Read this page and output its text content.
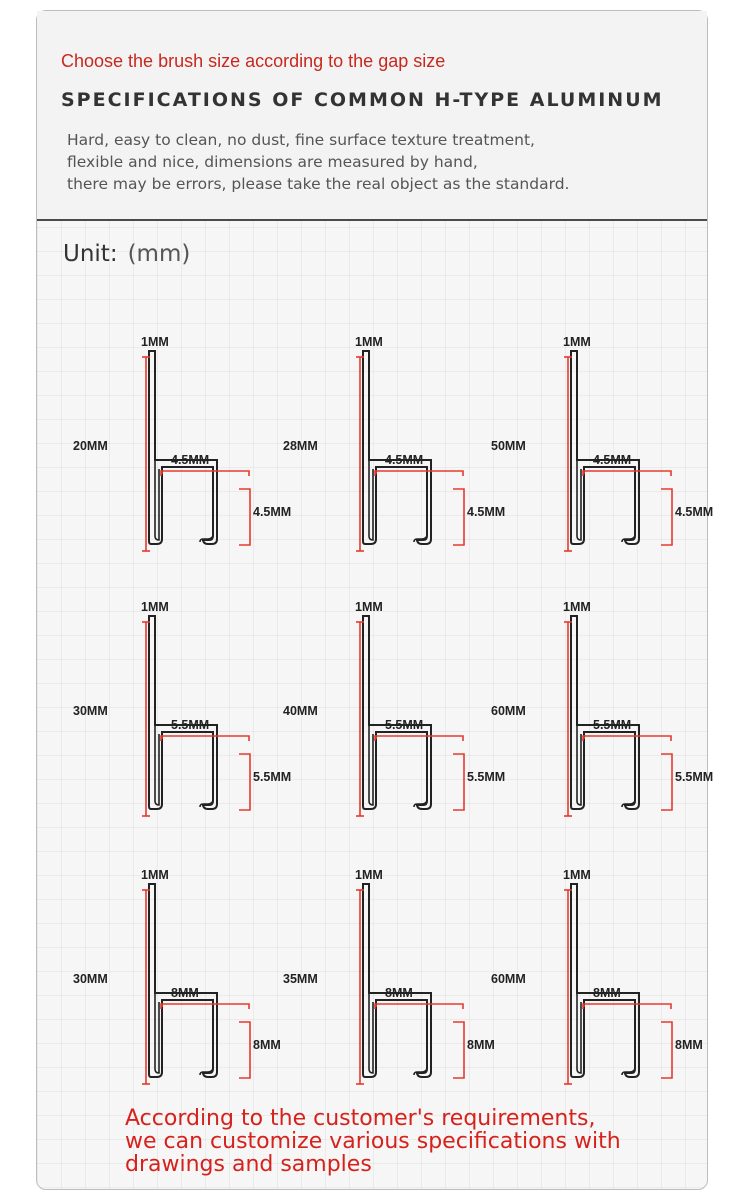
Choose the brush size according to the gap size
SPECIFICATIONS OF COMMON H-TYPE ALUMINUM
Hard, easy to clean, no dust, fine surface texture treatment,
flexible and nice, dimensions are measured by hand,
there may be errors, please take the real object as the standard.
Unit: (mm)
According to the customer's requirements,
we can customize various specifications with
drawings and samples
1MM
20MM
4.5MM
4.5MM
1MM
28MM
4.5MM
4.5MM
1MM
50MM
4.5MM
4.5MM
1MM
30MM
5.5MM
5.5MM
1MM
40MM
5.5MM
5.5MM
1MM
60MM
5.5MM
5.5MM
1MM
30MM
8MM
8MM
1MM
35MM
8MM
8MM
1MM
60MM
8MM
8MM
